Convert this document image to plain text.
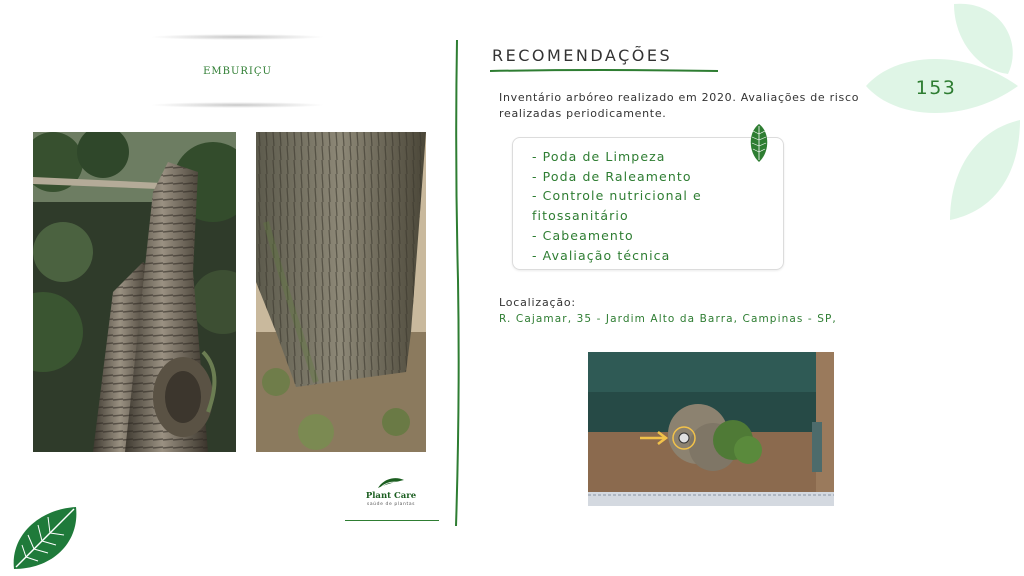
EMBURIÇU
RECOMENDAÇÕES
Inventário arbóreo realizado em 2020. Avaliações de risco realizadas periodicamente.
- Poda de Limpeza
- Poda de Raleamento
- Controle nutricional e fitossanitário
- Cabeamento
- Avaliação técnica
Localização:
R. Cajamar, 35 - Jardim Alto da Barra, Campinas - SP,
153
Plant Care
saúde de plantas
